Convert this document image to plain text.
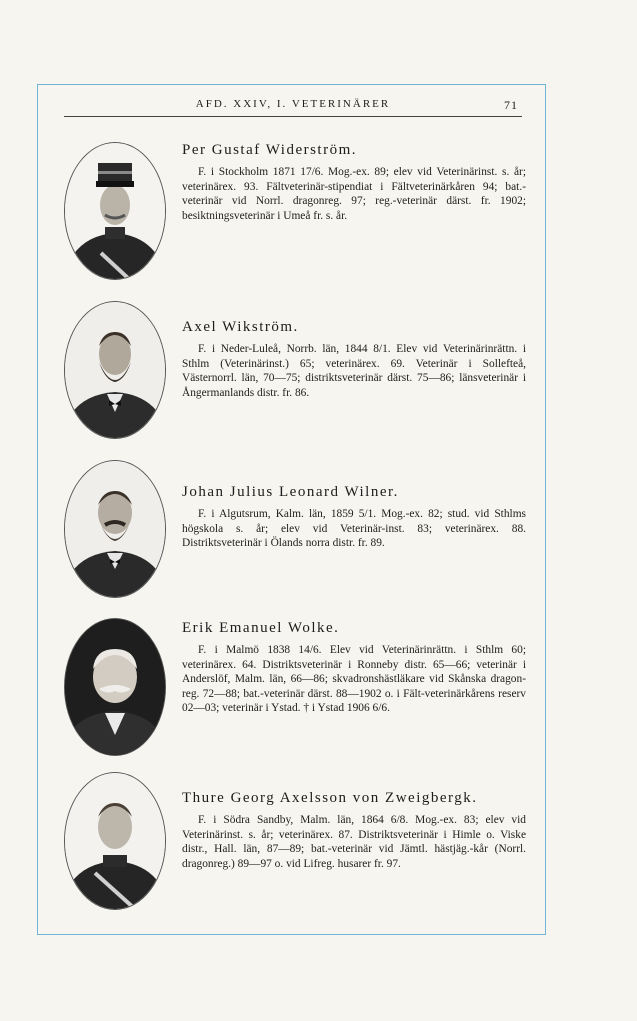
AFD. XXIV, I. VETERINÄRER	71
Per Gustaf Widerström.

F. i Stockholm 1871 17/6. Mog.-ex. 89; elev vid Veterinärinst. s. år; veterinärex. 93. Fältveterinär-stipendiat i Fältveterinärkåren 94; bat.-veterinär vid Norrl. dragonreg. 97; reg.-veterinär därst. fr. 1902; besiktningsveterinär i Umeå fr. s. år.

Axel Wikström.

F. i Neder-Luleå, Norrb. län, 1844 8/1. Elev vid Veterinärinrättn. i Sthlm (Veterinärinst.) 65; veterinärex. 69. Veterinär i Sollefteå, Västernorrl. län, 70—75; distriktsveterinär därst. 75—86; länsveterinär i Ångermanlands distr. fr. 86.

Johan Julius Leonard Wilner.

F. i Algutsrum, Kalm. län, 1859 5/1. Mog.-ex. 82; stud. vid Sthlms högskola s. år; elev vid Veterinär-inst. 83; veterinärex. 88. Distriktsveterinär i Ölands norra distr. fr. 89.

Erik Emanuel Wolke.

F. i Malmö 1838 14/6. Elev vid Veterinärinrättn. i Sthlm 60; veterinärex. 64. Distriktsveterinär i Ronneby distr. 65—66; veterinär i Anderslöf, Malm. län, 66—86; skvadronshästläkare vid Skånska dragon-reg. 72—88; bat.-veterinär därst. 88—1902 o. i Fält-veterinärkårens reserv 02—03; veterinär i Ystad. † i Ystad 1906 6/6.

Thure Georg Axelsson von Zweigbergk.

F. i Södra Sandby, Malm. län, 1864 6/8. Mog.-ex. 83; elev vid Veterinärinst. s. år; veterinärex. 87. Distriktsveterinär i Himle o. Viske distr., Hall. län, 87—89; bat.-veterinär vid Jämtl. hästjäg.-kår (Norrl. dragonreg.) 89—97 o. vid Lifreg. husarer fr. 97.
